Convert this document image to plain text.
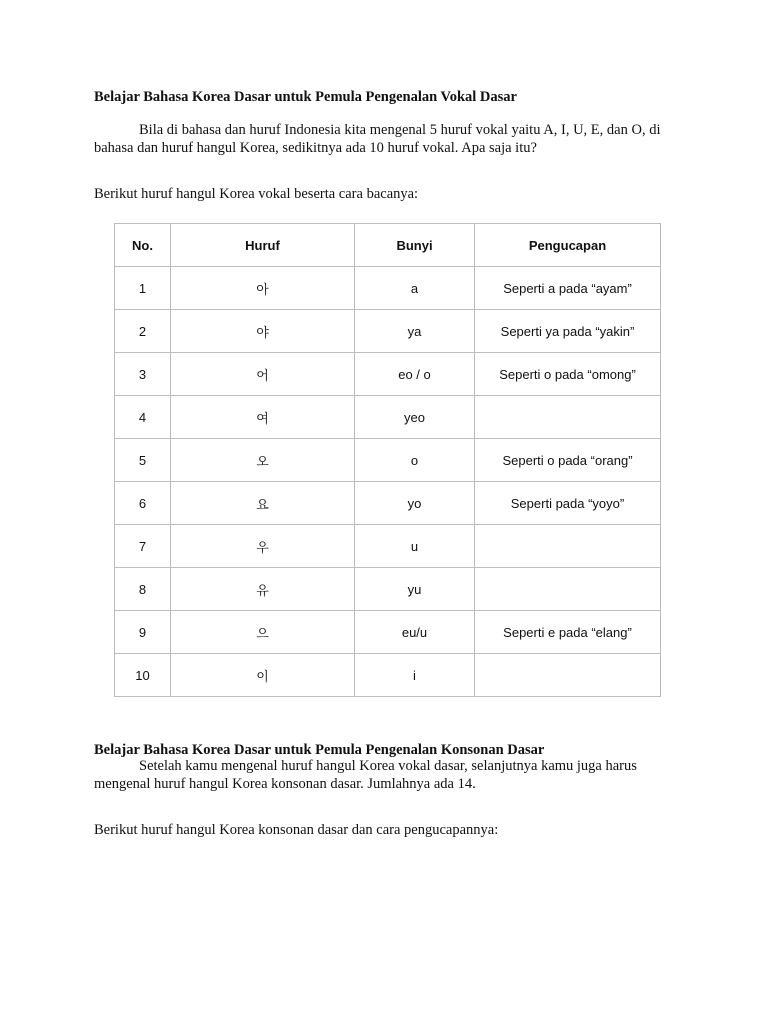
Belajar Bahasa Korea Dasar untuk Pemula Pengenalan Vokal Dasar

Bila di bahasa dan huruf Indonesia kita mengenal 5 huruf vokal yaitu A, I, U, E, dan O, di bahasa dan huruf hangul Korea, sedikitnya ada 10 huruf vokal. Apa saja itu?

Berikut huruf hangul Korea vokal beserta cara bacanya:

No.	Huruf	Bunyi	Pengucapan
1	아	a	Seperti a pada “ayam”
2	야	ya	Seperti ya pada “yakin”
3	어	eo / o	Seperti o pada “omong”
4	여	yeo	
5	오	o	Seperti o pada “orang”
6	요	yo	Seperti pada “yoyo”
7	우	u	
8	유	yu	
9	으	eu/u	Seperti e pada “elang”
10	이	i	
Belajar Bahasa Korea Dasar untuk Pemula Pengenalan Konsonan Dasar

Setelah kamu mengenal huruf hangul Korea vokal dasar, selanjutnya kamu juga harus mengenal huruf hangul Korea konsonan dasar. Jumlahnya ada 14.

Berikut huruf hangul Korea konsonan dasar dan cara pengucapannya:
